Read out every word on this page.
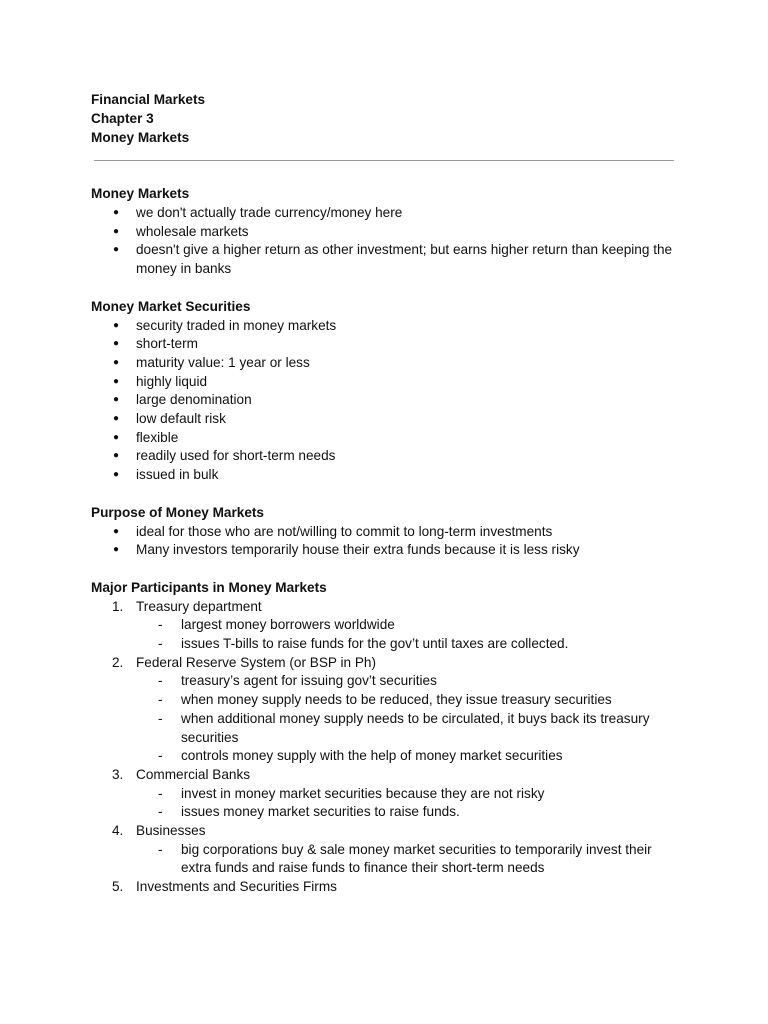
Financial Markets
Chapter 3
Money Markets
Money Markets
●	we don't actually trade currency/money here
●	wholesale markets
●	doesn't give a higher return as other investment; but earns higher return than keeping the money in banks
Money Market Securities
●	security traded in money markets
●	short-term
●	maturity value: 1 year or less
●	highly liquid
●	large denomination
●	low default risk
●	flexible
●	readily used for short-term needs
●	issued in bulk
Purpose of Money Markets
●	ideal for those who are not/willing to commit to long-term investments
●	Many investors temporarily house their extra funds because it is less risky
Major Participants in Money Markets
1. Treasury department
- largest money borrowers worldwide
- issues T-bills to raise funds for the gov’t until taxes are collected.
2. Federal Reserve System (or BSP in Ph)
- treasury’s agent for issuing gov’t securities
- when money supply needs to be reduced, they issue treasury securities
- when additional money supply needs to be circulated, it buys back its treasury securities
- controls money supply with the help of money market securities
3. Commercial Banks
- invest in money market securities because they are not risky
- issues money market securities to raise funds.
4. Businesses
- big corporations buy & sale money market securities to temporarily invest their extra funds and raise funds to finance their short-term needs
5. Investments and Securities Firms
